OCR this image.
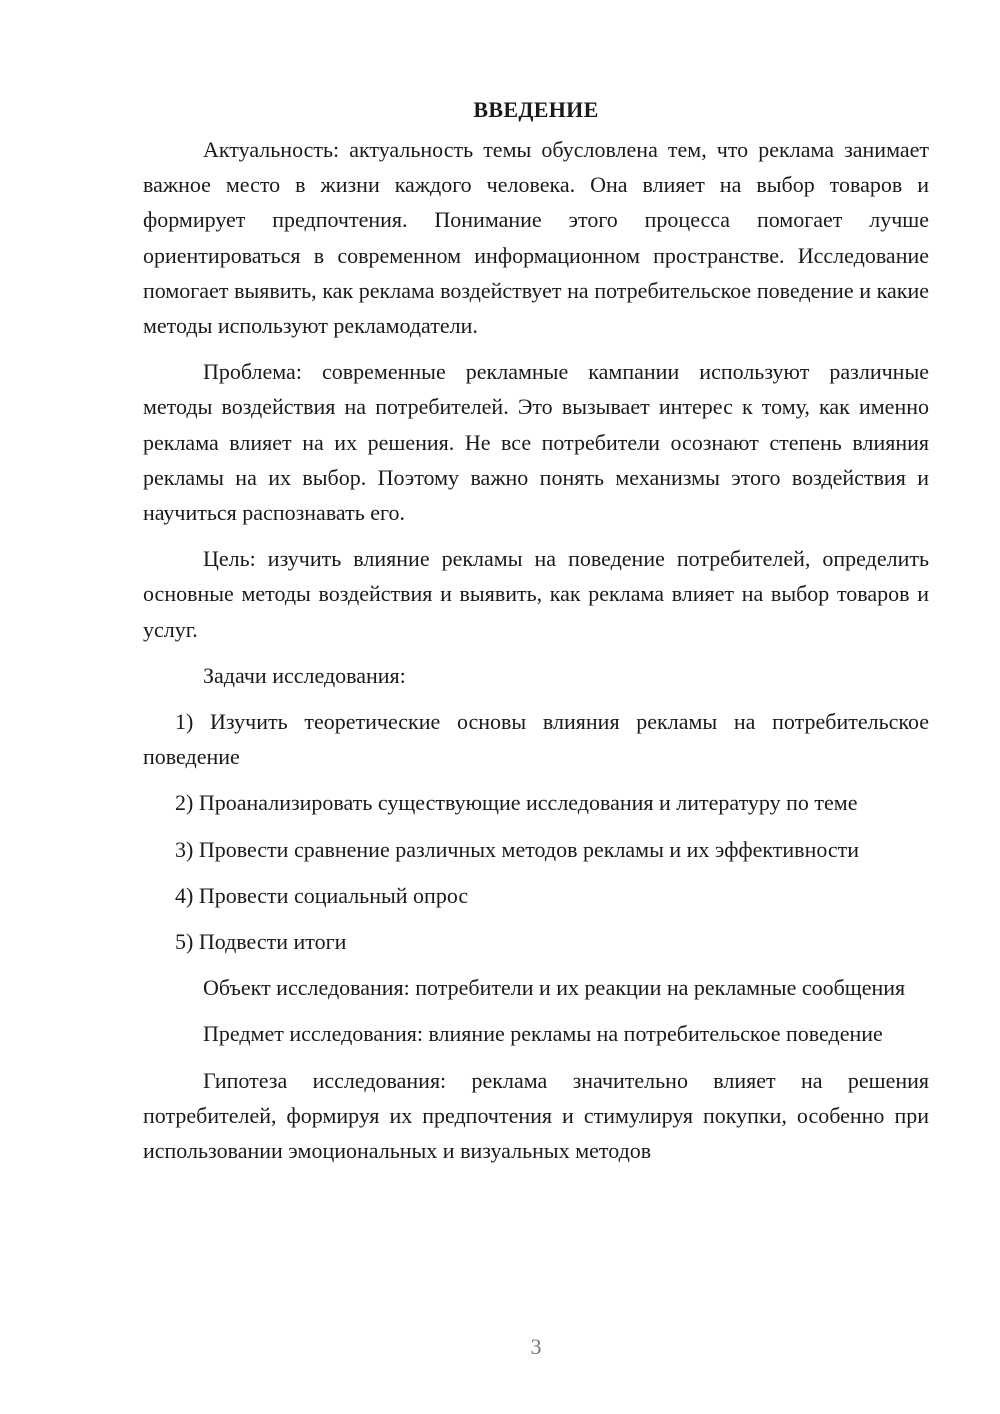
ВВЕДЕНИЕ

Актуальность: актуальность темы обусловлена тем, что реклама занимает важное место в жизни каждого человека. Она влияет на выбор товаров и формирует предпочтения. Понимание этого процесса помогает лучше ориентироваться в современном информационном пространстве. Исследование помогает выявить, как реклама воздействует на потребительское поведение и какие методы используют рекламодатели.

Проблема: современные рекламные кампании используют различные методы воздействия на потребителей. Это вызывает интерес к тому, как именно реклама влияет на их решения. Не все потребители осознают степень влияния рекламы на их выбор. Поэтому важно понять механизмы этого воздействия и научиться распознавать его.

Цель: изучить влияние рекламы на поведение потребителей, определить основные методы воздействия и выявить, как реклама влияет на выбор товаров и услуг.

Задачи исследования:

1) Изучить теоретические основы влияния рекламы на потребительское поведение

2) Проанализировать существующие исследования и литературу по теме

3) Провести сравнение различных методов рекламы и их эффективности

4) Провести социальный опрос

5) Подвести итоги

Объект исследования: потребители и их реакции на рекламные сообщения

Предмет исследования: влияние рекламы на потребительское поведение

Гипотеза исследования: реклама значительно влияет на решения потребителей, формируя их предпочтения и стимулируя покупки, особенно при использовании эмоциональных и визуальных методов

3
